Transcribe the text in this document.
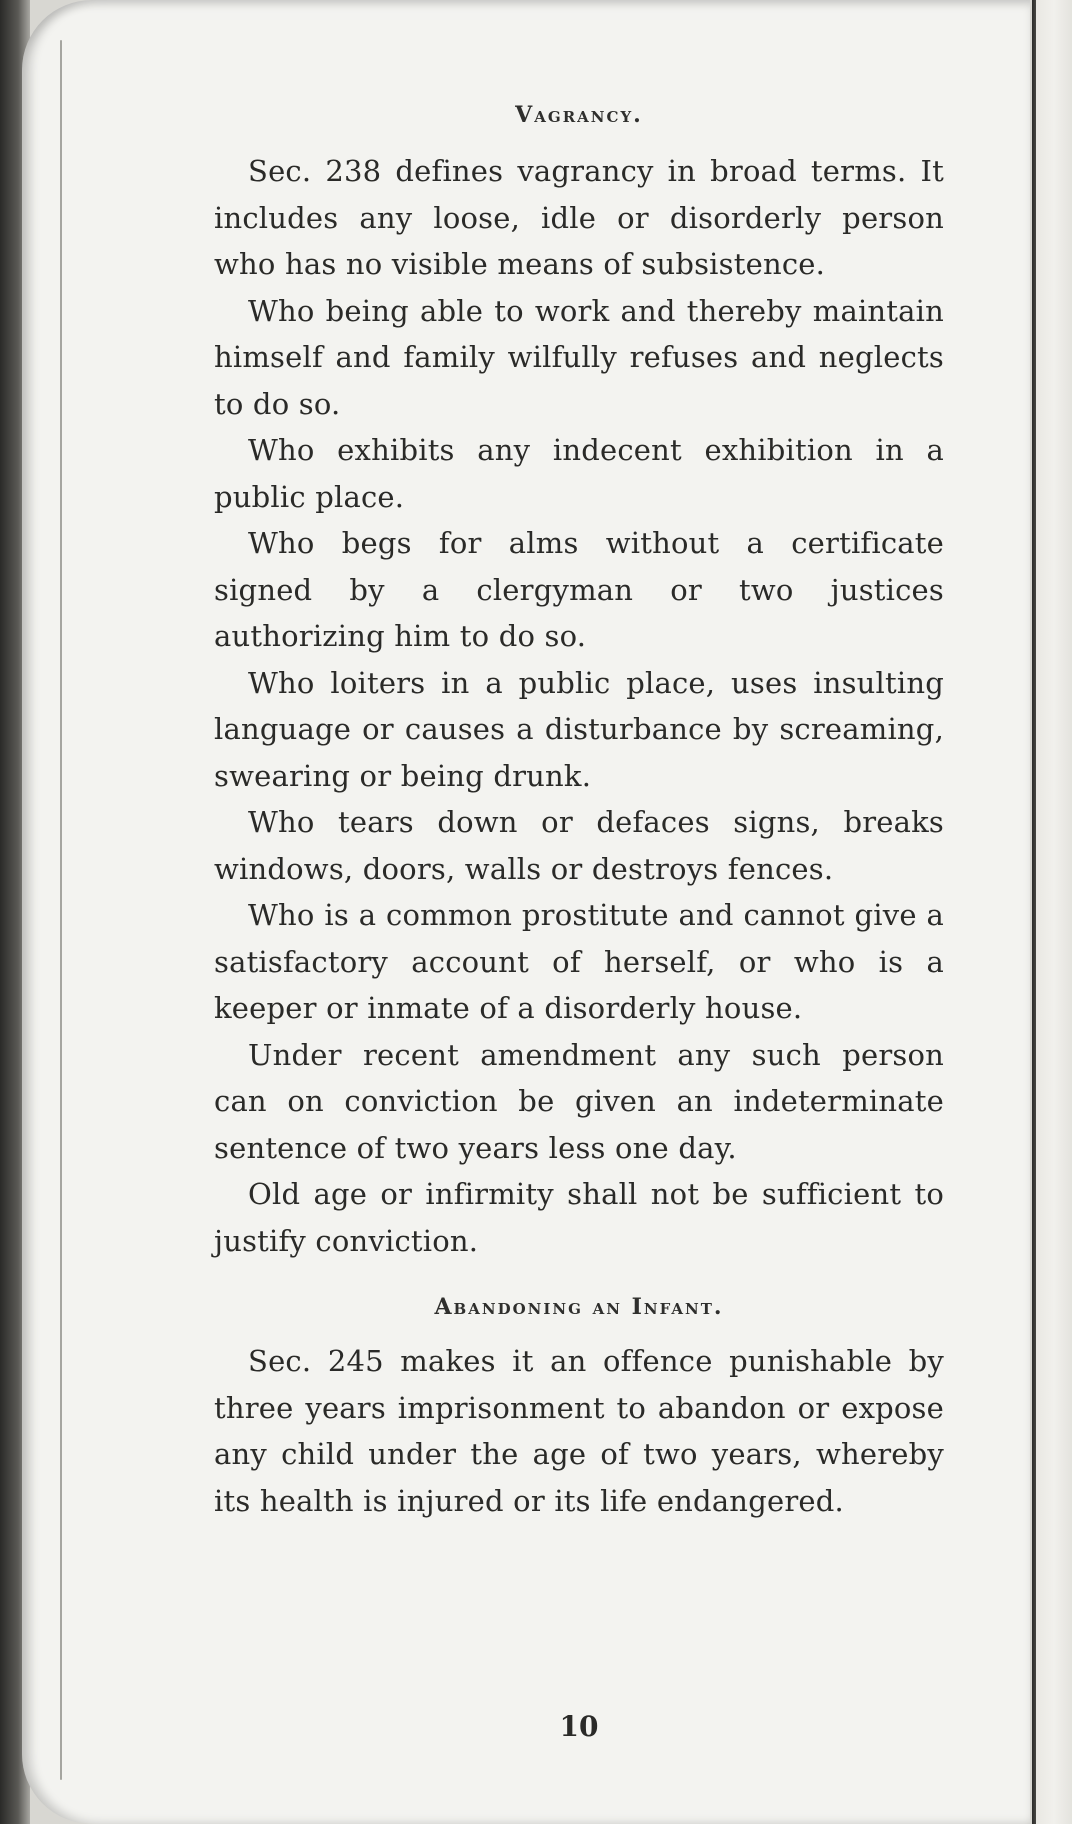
Vagrancy.

Sec. 238 defines vagrancy in broad terms. It includes any loose, idle or disorderly person who has no visible means of subsistence.

Who being able to work and thereby maintain himself and family wilfully refuses and neglects to do so.

Who exhibits any indecent exhibition in a public place.

Who begs for alms without a certificate signed by a clergyman or two justices authorizing him to do so.

Who loiters in a public place, uses insulting language or causes a disturbance by screaming, swearing or being drunk.

Who tears down or defaces signs, breaks windows, doors, walls or destroys fences.

Who is a common prostitute and cannot give a satisfactory account of herself, or who is a keeper or inmate of a disorderly house.

Under recent amendment any such person can on conviction be given an indeterminate sentence of two years less one day.

Old age or infirmity shall not be sufficient to justify conviction.

Abandoning an Infant.

Sec. 245 makes it an offence punishable by three years imprisonment to abandon or expose any child under the age of two years, whereby its health is injured or its life endangered.

10
